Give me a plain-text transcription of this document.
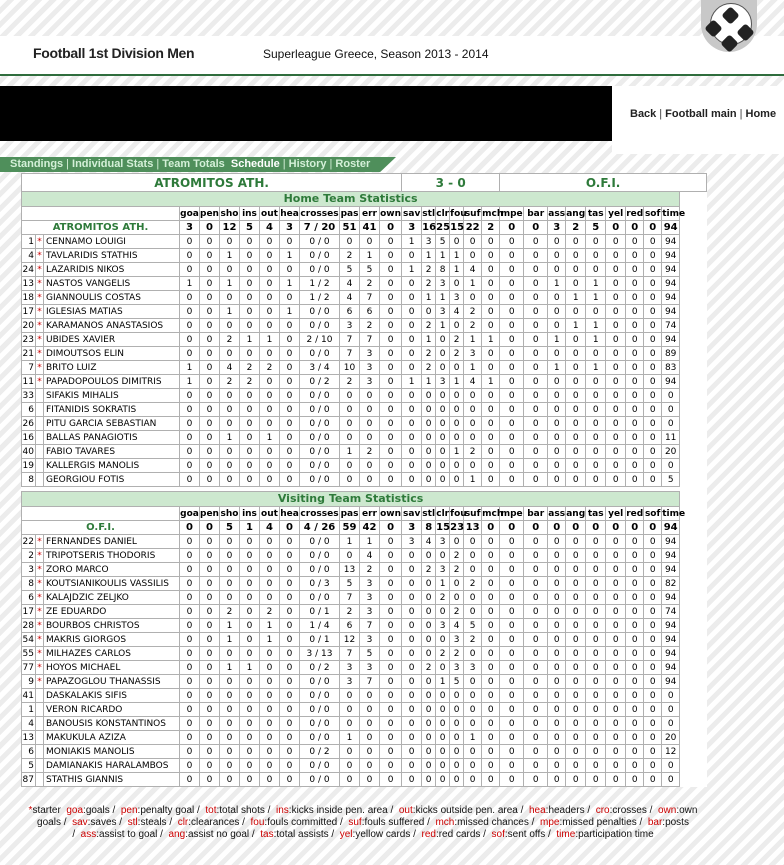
Football 1st Division Men	Superleague Greece, Season 2013 - 2014
Back | Football main | Home
Standings | Individual Stats | Team Totals Schedule | History | Roster
ATROMITOS ATH.													3 - 0						O.F.I.								
Home Team Statistics																											
			goa	pen	sho	ins	out	hea	crosses	pas	err	own	sav	stl	clr	fou	suf	mch	mpe	bar	ass	ang	tas	yel	red	sof	time
ATROMITOS ATH.			3	0	12	5	4	3	7 / 20	51	41	0	3	16	25	15	22	2	0	0	3	2	5	0	0	0	94
1	*	CENNAMO LOUIGI	0	0	0	0	0	0	0 / 0	0	0	0	1	3	5	0	0	0	0	0	0	0	0	0	0	0	94
4	*	TAVLARIDIS STATHIS	0	0	1	0	0	1	0 / 0	2	1	0	0	1	1	1	0	0	0	0	0	0	0	0	0	0	94
24	*	LAZARIDIS NIKOS	0	0	0	0	0	0	0 / 0	5	5	0	1	2	8	1	4	0	0	0	0	0	0	0	0	0	94
13	*	NASTOS VANGELIS	1	0	1	0	0	1	1 / 2	4	2	0	0	2	3	0	1	0	0	0	1	0	1	0	0	0	94
18	*	GIANNOULIS COSTAS	0	0	0	0	0	0	1 / 2	4	7	0	0	1	1	3	0	0	0	0	0	1	1	0	0	0	94
17	*	IGLESIAS MATIAS	0	0	1	0	0	1	0 / 0	6	6	0	0	0	3	4	2	0	0	0	0	0	0	0	0	0	94
20	*	KARAMANOS ANASTASIOS	0	0	0	0	0	0	0 / 0	3	2	0	0	2	1	0	2	0	0	0	0	1	1	0	0	0	74
23	*	UBIDES XAVIER	0	0	2	1	1	0	2 / 10	7	7	0	0	1	0	2	1	1	0	0	1	0	1	0	0	0	94
21	*	DIMOUTSOS ELIN	0	0	0	0	0	0	0 / 0	7	3	0	0	2	0	2	3	0	0	0	0	0	0	0	0	0	89
7	*	BRITO LUIZ	1	0	4	2	2	0	3 / 4	10	3	0	0	2	0	0	1	0	0	0	1	0	1	0	0	0	83
11	*	PAPADOPOULOS DIMITRIS	1	0	2	2	0	0	0 / 2	2	3	0	1	1	3	1	4	1	0	0	0	0	0	0	0	0	94
33		SIFAKIS MIHALIS	0	0	0	0	0	0	0 / 0	0	0	0	0	0	0	0	0	0	0	0	0	0	0	0	0	0	0
6		FITANIDIS SOKRATIS	0	0	0	0	0	0	0 / 0	0	0	0	0	0	0	0	0	0	0	0	0	0	0	0	0	0	0
26		PITU GARCIA SEBASTIAN	0	0	0	0	0	0	0 / 0	0	0	0	0	0	0	0	0	0	0	0	0	0	0	0	0	0	0
16		BALLAS PANAGIOTIS	0	0	1	0	1	0	0 / 0	0	0	0	0	0	0	0	0	0	0	0	0	0	0	0	0	0	11
40		FABIO TAVARES	0	0	0	0	0	0	0 / 0	1	2	0	0	0	0	1	2	0	0	0	0	0	0	0	0	0	20
19		KALLERGIS MANOLIS	0	0	0	0	0	0	0 / 0	0	0	0	0	0	0	0	0	0	0	0	0	0	0	0	0	0	0
8		GEORGIOU FOTIS	0	0	0	0	0	0	0 / 0	0	0	0	0	0	0	0	1	0	0	0	0	0	0	0	0	0	5

Visiting Team Statistics																											
			goa	pen	sho	ins	out	hea	crosses	pas	err	own	sav	stl	clr	fou	suf	mch	mpe	bar	ass	ang	tas	yel	red	sof	time
O.F.I.			0	0	5	1	4	0	4 / 26	59	42	0	3	8	15	23	13	0	0	0	0	0	0	0	0	0	94
22	*	FERNANDES DANIEL	0	0	0	0	0	0	0 / 0	1	1	0	3	4	3	0	0	0	0	0	0	0	0	0	0	0	94
2	*	TRIPOTSERIS THODORIS	0	0	0	0	0	0	0 / 0	0	4	0	0	0	0	2	0	0	0	0	0	0	0	0	0	0	94
3	*	ZORO MARCO	0	0	0	0	0	0	0 / 0	13	2	0	0	2	3	2	0	0	0	0	0	0	0	0	0	0	94
8	*	KOUTSIANIKOULIS VASSILIS	0	0	0	0	0	0	0 / 3	5	3	0	0	0	1	0	2	0	0	0	0	0	0	0	0	0	82
6	*	KALAJDZIC ZELJKO	0	0	0	0	0	0	0 / 0	7	3	0	0	0	2	0	0	0	0	0	0	0	0	0	0	0	94
17	*	ZE EDUARDO	0	0	2	0	2	0	0 / 1	2	3	0	0	0	0	2	0	0	0	0	0	0	0	0	0	0	74
28	*	BOURBOS CHRISTOS	0	0	1	0	1	0	1 / 4	6	7	0	0	0	3	4	5	0	0	0	0	0	0	0	0	0	94
54	*	MAKRIS GIORGOS	0	0	1	0	1	0	0 / 1	12	3	0	0	0	0	3	2	0	0	0	0	0	0	0	0	0	94
55	*	MILHAZES CARLOS	0	0	0	0	0	0	3 / 13	7	5	0	0	0	2	2	0	0	0	0	0	0	0	0	0	0	94
77	*	HOYOS MICHAEL	0	0	1	1	0	0	0 / 2	3	3	0	0	2	0	3	3	0	0	0	0	0	0	0	0	0	94
9	*	PAPAZOGLOU THANASSIS	0	0	0	0	0	0	0 / 0	3	7	0	0	0	1	5	0	0	0	0	0	0	0	0	0	0	94
41		DASKALAKIS SIFIS	0	0	0	0	0	0	0 / 0	0	0	0	0	0	0	0	0	0	0	0	0	0	0	0	0	0	0
1		VERON RICARDO	0	0	0	0	0	0	0 / 0	0	0	0	0	0	0	0	0	0	0	0	0	0	0	0	0	0	0
4		BANOUSIS KONSTANTINOS	0	0	0	0	0	0	0 / 0	0	0	0	0	0	0	0	0	0	0	0	0	0	0	0	0	0	0
13		MAKUKULA AZIZA	0	0	0	0	0	0	0 / 0	1	0	0	0	0	0	0	1	0	0	0	0	0	0	0	0	0	20
6		MONIAKIS MANOLIS	0	0	0	0	0	0	0 / 2	0	0	0	0	0	0	0	0	0	0	0	0	0	0	0	0	0	12
5		DAMIANAKIS HARALAMBOS	0	0	0	0	0	0	0 / 0	0	0	0	0	0	0	0	0	0	0	0	0	0	0	0	0	0	0
87		STATHIS GIANNIS	0	0	0	0	0	0	0 / 0	0	0	0	0	0	0	0	0	0	0	0	0	0	0	0	0	0	0
*starter goa:goals / pen:penalty goal / tot:total shots / ins:kicks inside pen. area / out:kicks outside pen. area / hea:headers / cro:crosses / own:own goals / sav:saves / stl:steals / clr:clearances / fou:fouls committed / suf:fouls suffered / mch:missed chances / mpe:missed penalties / bar:posts / ass:assist to goal / ang:assist no goal / tas:total assists / yel:yellow cards / red:red cards / sof:sent offs / time:participation time
